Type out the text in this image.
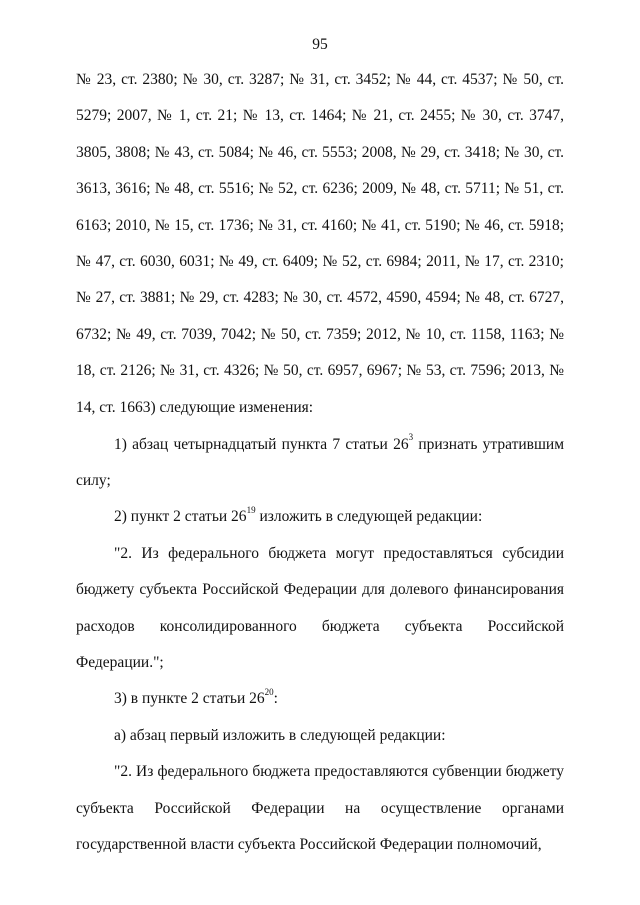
95

№ 23, ст. 2380; № 30, ст. 3287; № 31, ст. 3452; № 44, ст. 4537; № 50, ст. 5279; 2007, № 1, ст. 21; № 13, ст. 1464; № 21, ст. 2455; № 30, ст. 3747, 3805, 3808; № 43, ст. 5084; № 46, ст. 5553; 2008, № 29, ст. 3418; № 30, ст. 3613, 3616; № 48, ст. 5516; № 52, ст. 6236; 2009, № 48, ст. 5711; № 51, ст. 6163; 2010, № 15, ст. 1736; № 31, ст. 4160; № 41, ст. 5190; № 46, ст. 5918; № 47, ст. 6030, 6031; № 49, ст. 6409; № 52, ст. 6984; 2011, № 17, ст. 2310; № 27, ст. 3881; № 29, ст. 4283; № 30, ст. 4572, 4590, 4594; № 48, ст. 6727, 6732; № 49, ст. 7039, 7042; № 50, ст. 7359; 2012, № 10, ст. 1158, 1163; № 18, ст. 2126; № 31, ст. 4326; № 50, ст. 6957, 6967; № 53, ст. 7596; 2013, № 14, ст. 1663) следующие изменения:

1) абзац четырнадцатый пункта 7 статьи $26^3$ признать утратившим силу;

2) пункт 2 статьи $26^{19}$ изложить в следующей редакции:

"2. Из федерального бюджета могут предоставляться субсидии бюджету субъекта Российской Федерации для долевого финансирования расходов консолидированного бюджета субъекта Российской Федерации.";

3) в пункте 2 статьи $26^{20}$:

а) абзац первый изложить в следующей редакции:

"2. Из федерального бюджета предоставляются субвенции бюджету субъекта Российской Федерации на осуществление органами государственной власти субъекта Российской Федерации полномочий,
